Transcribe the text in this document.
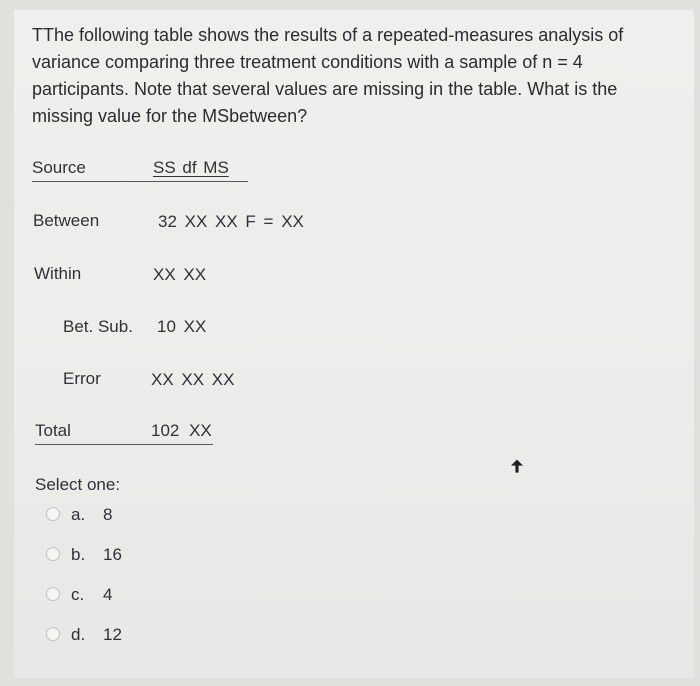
TThe following table shows the results of a repeated-measures analysis of
variance comparing three treatment conditions with a sample of n = 4
participants. Note that several values are missing in the table. What is the
missing value for the MSbetween?
Source	SS df MS
Between	32 XX XX F = XX
Within	XX XX
Bet. Sub. 10 XX
Error	XX XX XX
Total	102 XX
Select one:
a. 8
b. 16
c. 4
d. 12
